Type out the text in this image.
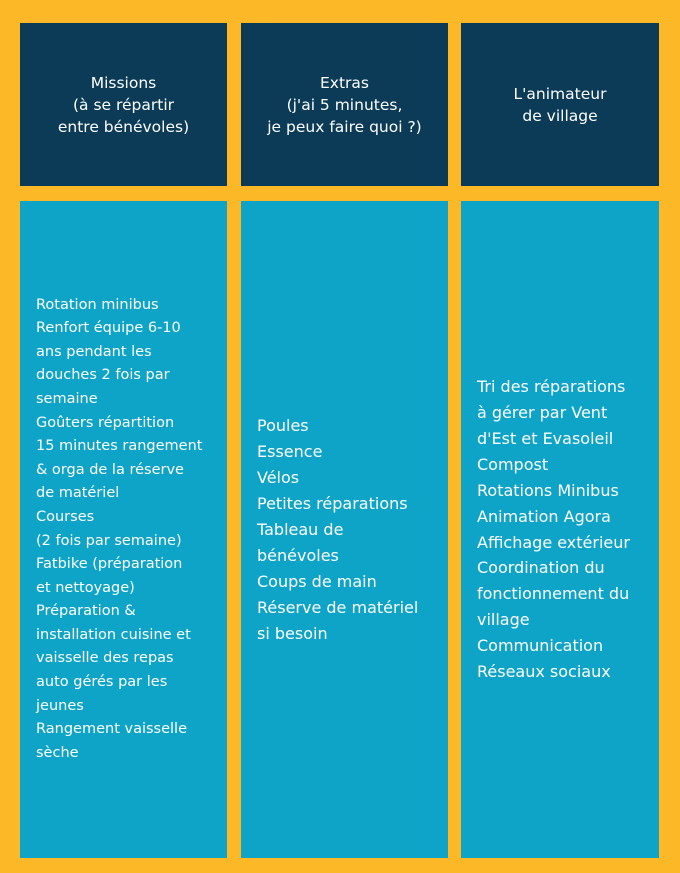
Missions
(à se répartir
entre bénévoles)
Rotation minibus
Renfort équipe 6-10
ans pendant les
douches 2 fois par
semaine
Goûters répartition
15 minutes rangement
& orga de la réserve
de matériel
Courses
(2 fois par semaine)
Fatbike (préparation
et nettoyage)
Préparation &
installation cuisine et
vaisselle des repas
auto gérés par les
jeunes
Rangement vaisselle
sèche
Extras
(j'ai 5 minutes,
je peux faire quoi ?)
Poules
Essence
Vélos
Petites réparations
Tableau de
bénévoles
Coups de main
Réserve de matériel
si besoin
L'animateur
de village
Tri des réparations
à gérer par Vent
d'Est et Evasoleil
Compost
Rotations Minibus
Animation Agora
Affichage extérieur
Coordination du
fonctionnement du
village
Communication
Réseaux sociaux
